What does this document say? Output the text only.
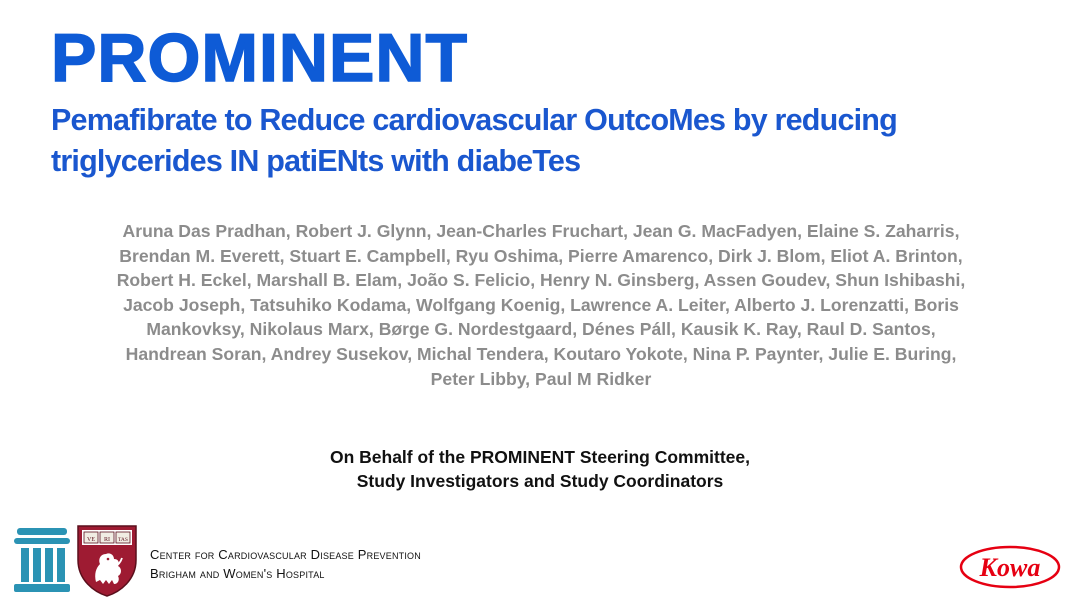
PROMINENT
Pemafibrate to Reduce cardiovascular OutcoMes by reducing triglycerides IN patiENts with diabeTes
Aruna Das Pradhan, Robert J. Glynn, Jean-Charles Fruchart, Jean G. MacFadyen, Elaine S. Zaharris, Brendan M. Everett, Stuart E. Campbell, Ryu Oshima, Pierre Amarenco, Dirk J. Blom, Eliot A. Brinton, Robert H. Eckel, Marshall B. Elam, João S. Felicio, Henry N. Ginsberg, Assen Goudev, Shun Ishibashi, Jacob Joseph, Tatsuhiko Kodama, Wolfgang Koenig, Lawrence A. Leiter, Alberto J. Lorenzatti, Boris Mankovksy, Nikolaus Marx, Børge G. Nordestgaard, Dénes Páll, Kausik K. Ray, Raul D. Santos, Handrean Soran, Andrey Susekov, Michal Tendera, Koutaro Yokote, Nina P. Paynter, Julie E. Buring, Peter Libby, Paul M Ridker
On Behalf of the PROMINENT Steering Committee,
Study Investigators and Study Coordinators
VE RI TAS
Center for Cardiovascular Disease Prevention
Brigham and Women's Hospital	Kowa
